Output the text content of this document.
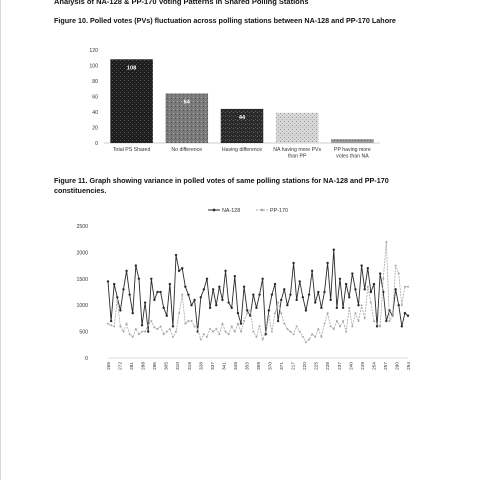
Analysis of NA-128 & PP-170 Voting Patterns in Shared Polling Stations
Figure 10. Polled votes (PVs) fluctuation across polling stations between NA-128 and PP-170 Lahore
0
20
40
60
80
100
120
108
Total PS Shared
64
No difference
44
Having difference NA having more PVs than PP
PP having more votes than NA
Figure 11. Graph showing variance in polled votes of same polling stations for NA-128 and PP-170 constituencies.
NA-128	PP-170
0
500
1000
1500
2000
2500
265 272 281 288 296 305 310 319 328 337 341 349 353 359 370 371 217 220 225 228 237 240 249 254 257 290 294
